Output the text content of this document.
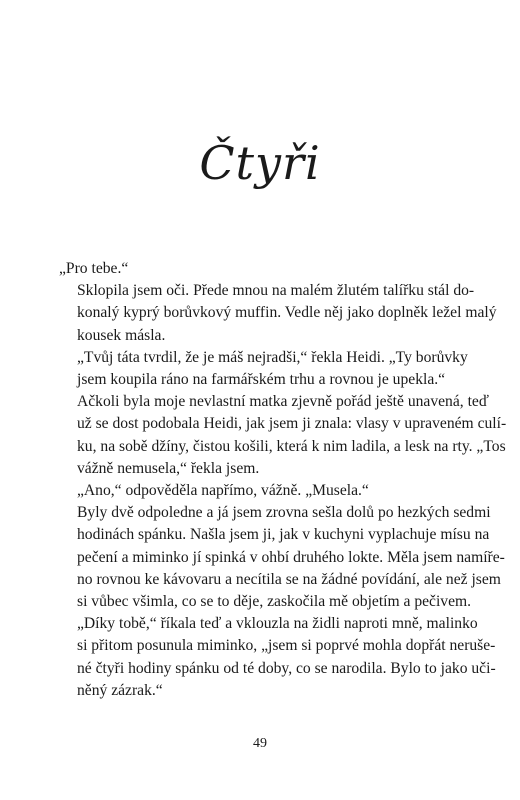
Čtyři

„Pro tebe.“

Sklopila jsem oči. Přede mnou na malém žlutém talířku stál do-
konalý kyprý borůvkový muffin. Vedle něj jako doplněk ležel malý
kousek másla.

„Tvůj táta tvrdil, že je máš nejradši,“ řekla Heidi. „Ty borůvky
jsem koupila ráno na farmářském trhu a rovnou je upekla.“

Ačkoli byla moje nevlastní matka zjevně pořád ještě unavená, teď
už se dost podobala Heidi, jak jsem ji znala: vlasy v upraveném culí-
ku, na sobě džíny, čistou košili, která k nim ladila, a lesk na rty. „Tos
vážně nemusela,“ řekla jsem.

„Ano,“ odpověděla napřímo, vážně. „Musela.“

Byly dvě odpoledne a já jsem zrovna sešla dolů po hezkých sedmi
hodinách spánku. Našla jsem ji, jak v kuchyni vyplachuje mísu na
pečení a miminko jí spinká v ohbí druhého lokte. Měla jsem namíře-
no rovnou ke kávovaru a necítila se na žádné povídání, ale než jsem
si vůbec všimla, co se to děje, zaskočila mě objetím a pečivem.

„Díky tobě,“ říkala teď a vklouzla na židli naproti mně, malinko
si přitom posunula miminko, „jsem si poprvé mohla dopřát neruše-
né čtyři hodiny spánku od té doby, co se narodila. Bylo to jako uči-
něný zázrak.“

49
